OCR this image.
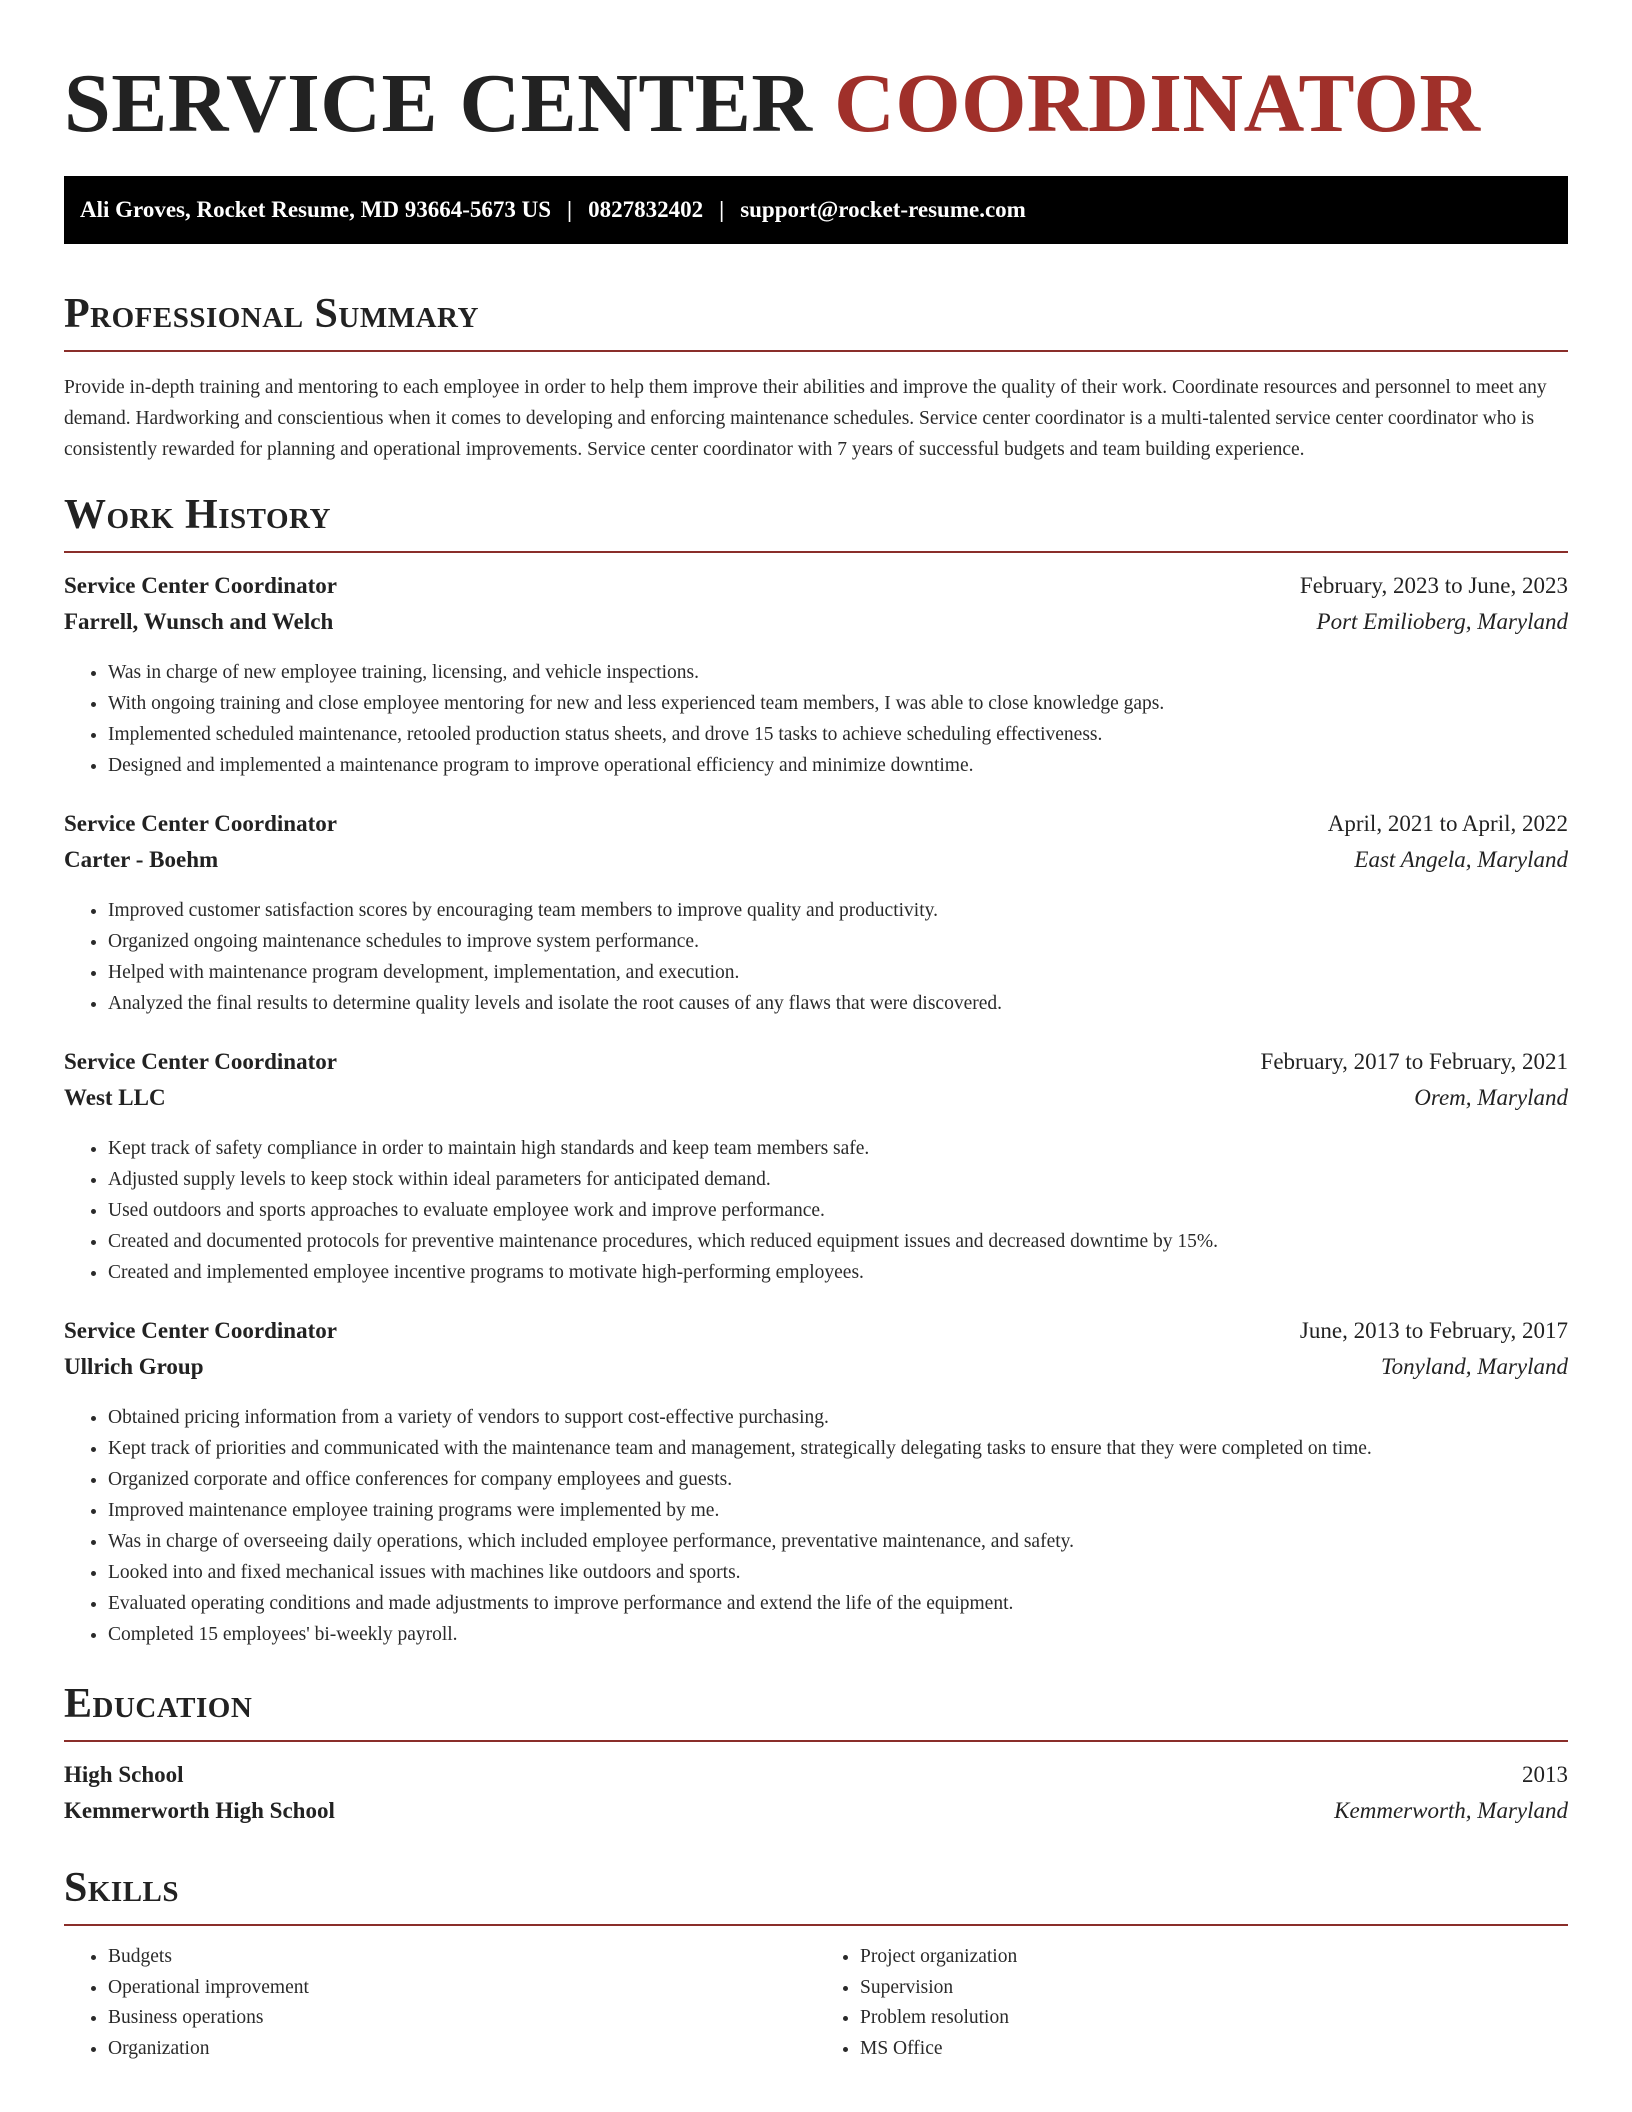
SERVICE CENTER COORDINATOR
Ali Groves, Rocket Resume, MD 93664-5673 US | 0827832402 | support@rocket-resume.com
Professional Summary

Provide in-depth training and mentoring to each employee in order to help them improve their abilities and improve the quality of their work. Coordinate resources and personnel to meet any demand. Hardworking and conscientious when it comes to developing and enforcing maintenance schedules. Service center coordinator is a multi-talented service center coordinator who is consistently rewarded for planning and operational improvements. Service center coordinator with 7 years of successful budgets and team building experience.

Work History
Service Center Coordinator	February, 2023 to June, 2023
Farrell, Wunsch and Welch	Port Emilioberg, Maryland
• Was in charge of new employee training, licensing, and vehicle inspections.
• With ongoing training and close employee mentoring for new and less experienced team members, I was able to close knowledge gaps.
• Implemented scheduled maintenance, retooled production status sheets, and drove 15 tasks to achieve scheduling effectiveness.
• Designed and implemented a maintenance program to improve operational efficiency and minimize downtime.
Service Center Coordinator	April, 2021 to April, 2022
Carter - Boehm	East Angela, Maryland
• Improved customer satisfaction scores by encouraging team members to improve quality and productivity.
• Organized ongoing maintenance schedules to improve system performance.
• Helped with maintenance program development, implementation, and execution.
• Analyzed the final results to determine quality levels and isolate the root causes of any flaws that were discovered.
Service Center Coordinator	February, 2017 to February, 2021
West LLC	Orem, Maryland
• Kept track of safety compliance in order to maintain high standards and keep team members safe.
• Adjusted supply levels to keep stock within ideal parameters for anticipated demand.
• Used outdoors and sports approaches to evaluate employee work and improve performance.
• Created and documented protocols for preventive maintenance procedures, which reduced equipment issues and decreased downtime by 15%.
• Created and implemented employee incentive programs to motivate high-performing employees.
Service Center Coordinator	June, 2013 to February, 2017
Ullrich Group	Tonyland, Maryland
• Obtained pricing information from a variety of vendors to support cost-effective purchasing.
• Kept track of priorities and communicated with the maintenance team and management, strategically delegating tasks to ensure that they were completed on time.
• Organized corporate and office conferences for company employees and guests.
• Improved maintenance employee training programs were implemented by me.
• Was in charge of overseeing daily operations, which included employee performance, preventative maintenance, and safety.
• Looked into and fixed mechanical issues with machines like outdoors and sports.
• Evaluated operating conditions and made adjustments to improve performance and extend the life of the equipment.
• Completed 15 employees' bi-weekly payroll.
Education
High School	2013
Kemmerworth High School	Kemmerworth, Maryland
Skills
• Budgets
• Operational improvement
• Business operations
• Organization
• Project organization
• Supervision
• Problem resolution
• MS Office
